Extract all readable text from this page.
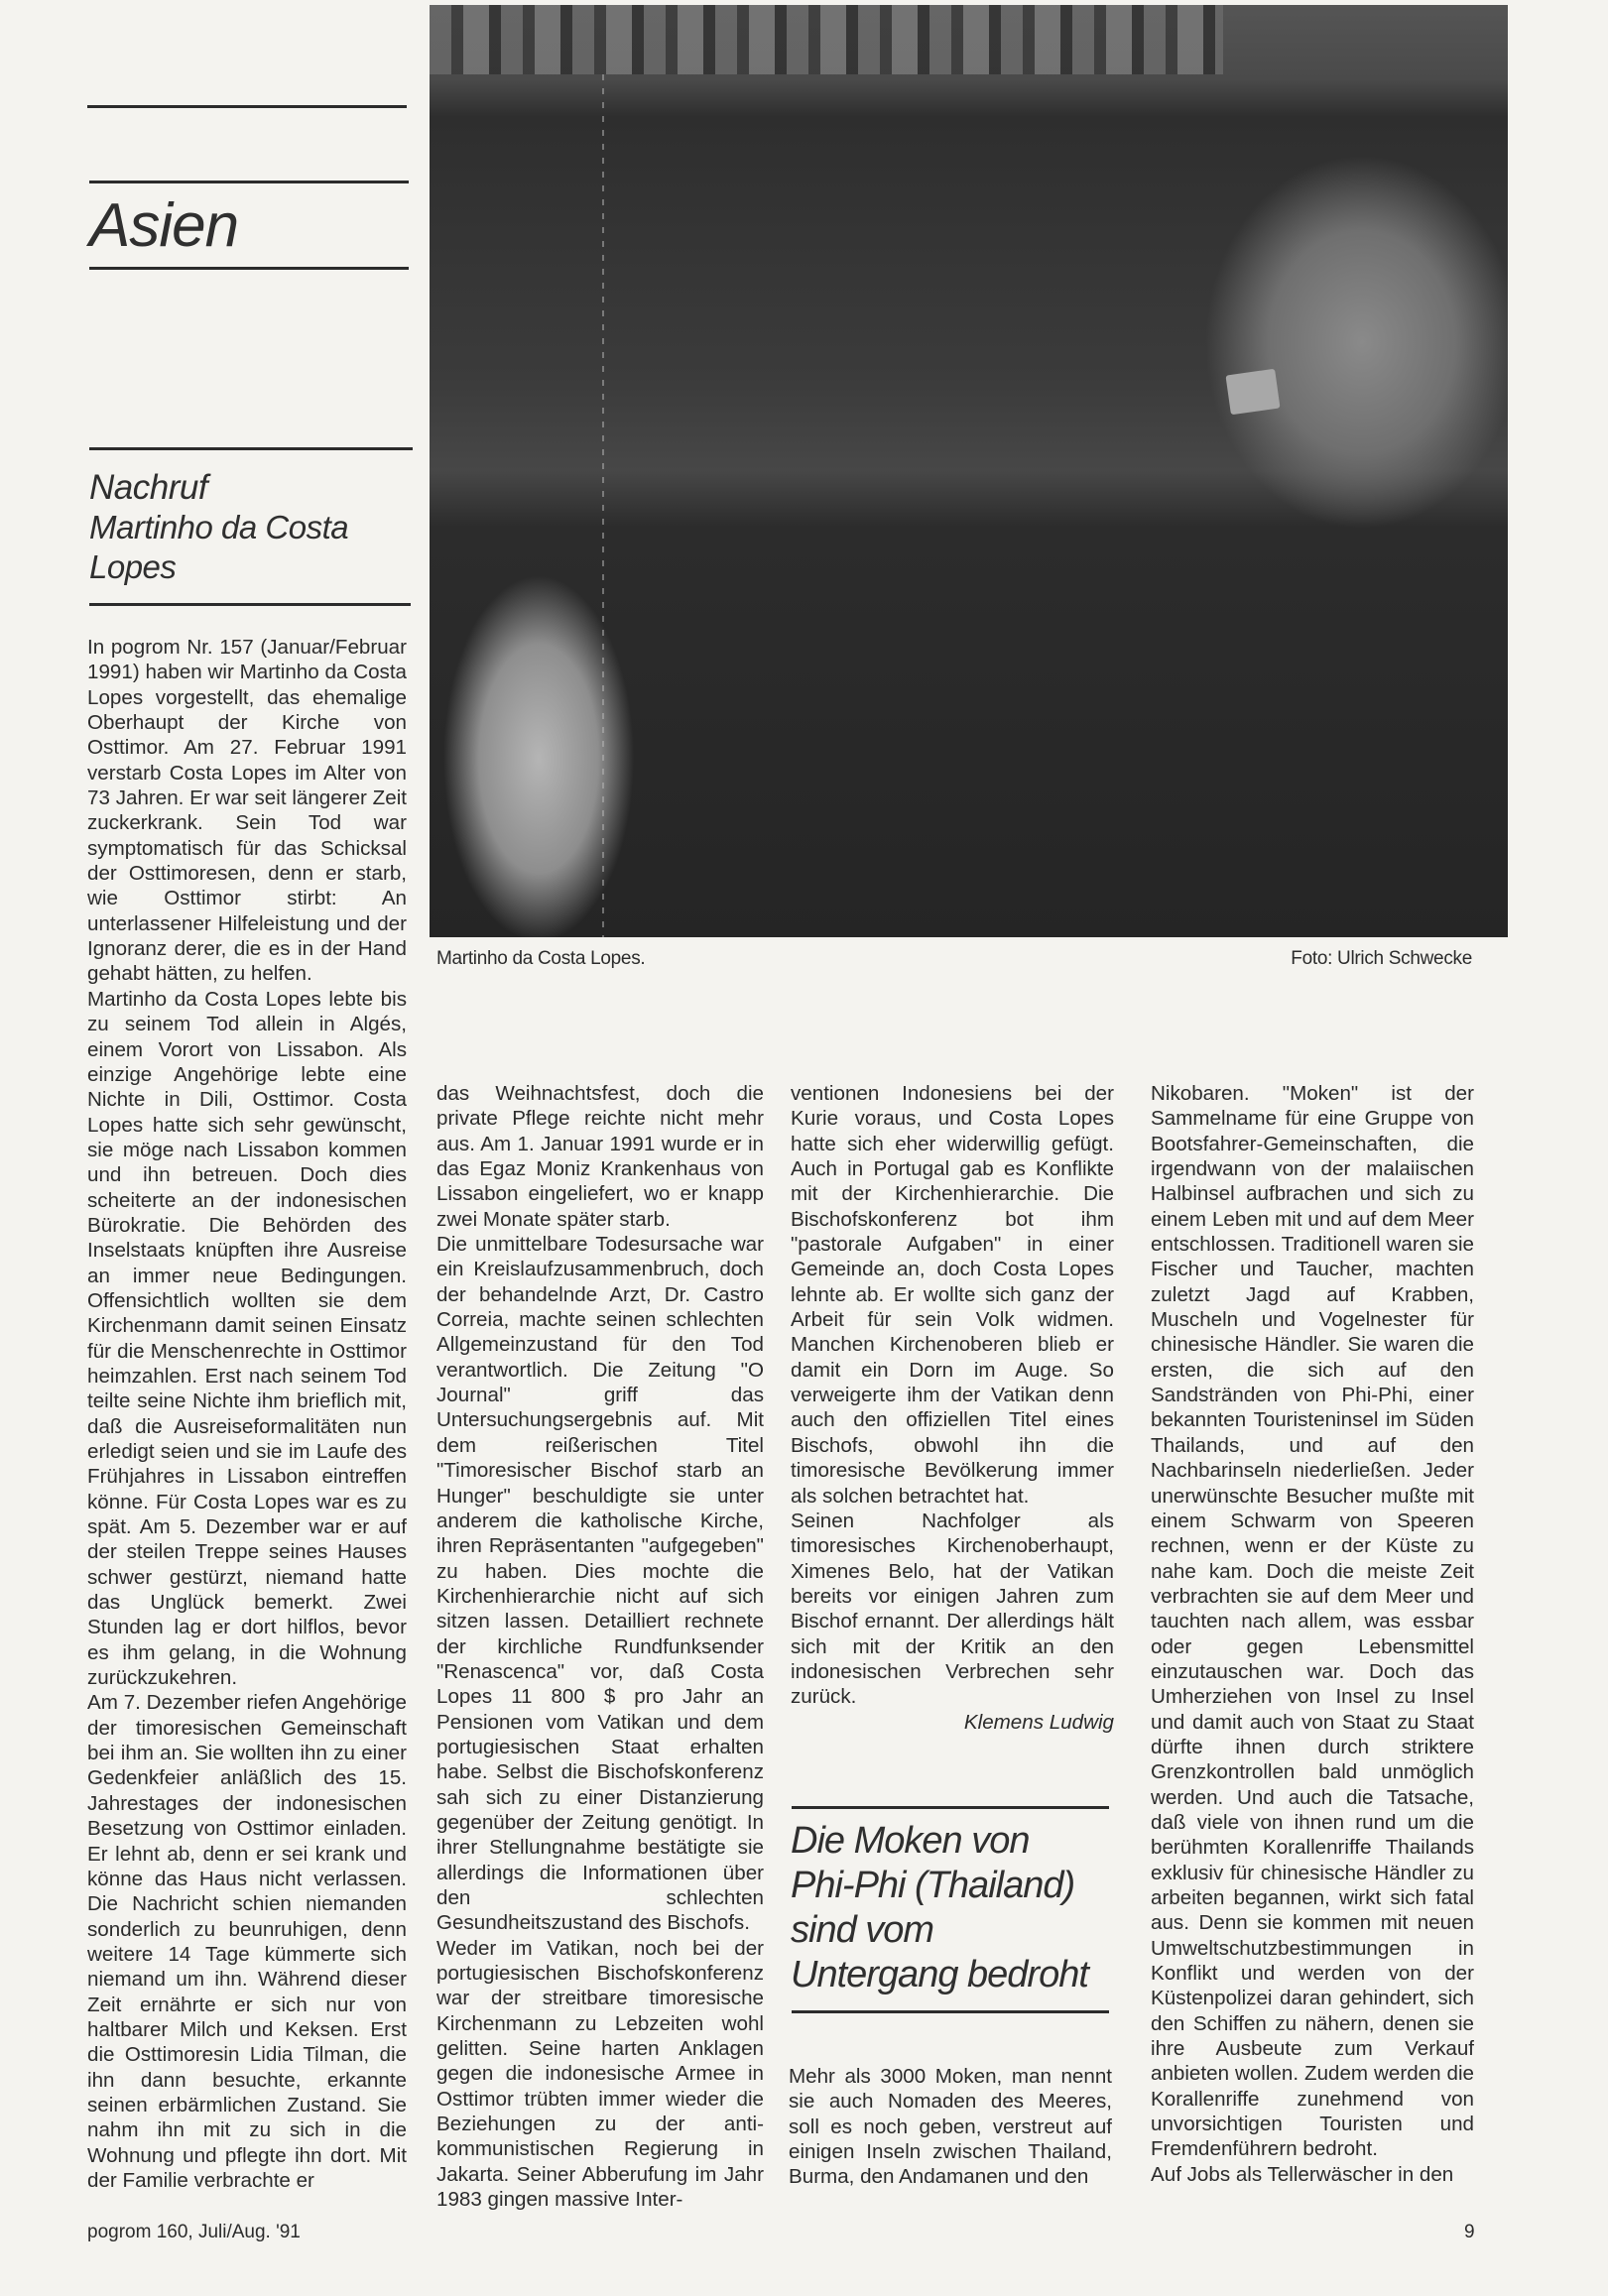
Asien
Nachruf
Martinho da Costa
Lopes

In pogrom Nr. 157 (Januar/Februar 1991) haben wir Martinho da Costa Lopes vorgestellt, das ehemalige Oberhaupt der Kirche von Osttimor. Am 27. Februar 1991 verstarb Costa Lopes im Alter von 73 Jahren. Er war seit längerer Zeit zuckerkrank. Sein Tod war symptomatisch für das Schicksal der Osttimoresen, denn er starb, wie Osttimor stirbt: An unterlassener Hilfeleistung und der Ignoranz derer, die es in der Hand gehabt hätten, zu helfen.

Martinho da Costa Lopes lebte bis zu seinem Tod allein in Algés, einem Vorort von Lissabon. Als einzige Angehörige lebte eine Nichte in Dili, Osttimor. Costa Lopes hatte sich sehr gewünscht, sie möge nach Lissabon kommen und ihn betreuen. Doch dies scheiterte an der indonesischen Bürokratie. Die Behörden des Inselstaats knüpften ihre Ausreise an immer neue Bedingungen. Offensichtlich wollten sie dem Kirchenmann damit seinen Einsatz für die Menschenrechte in Osttimor heimzahlen. Erst nach seinem Tod teilte seine Nichte ihm brieflich mit, daß die Ausreiseformalitäten nun erledigt seien und sie im Laufe des Frühjahres in Lissabon eintreffen könne. Für Costa Lopes war es zu spät. Am 5. Dezember war er auf der steilen Treppe seines Hauses schwer gestürzt, niemand hatte das Unglück bemerkt. Zwei Stunden lag er dort hilflos, bevor es ihm gelang, in die Wohnung zurückzukehren.

Am 7. Dezember riefen Angehörige der timoresischen Gemeinschaft bei ihm an. Sie wollten ihn zu einer Gedenkfeier anläßlich des 15. Jahrestages der indonesischen Besetzung von Osttimor einladen. Er lehnt ab, denn er sei krank und könne das Haus nicht verlassen. Die Nachricht schien niemanden sonderlich zu beunruhigen, denn weitere 14 Tage kümmerte sich niemand um ihn. Während dieser Zeit ernährte er sich nur von haltbarer Milch und Keksen. Erst die Osttimoresin Lidia Tilman, die ihn dann besuchte, erkannte seinen erbärmlichen Zustand. Sie nahm ihn mit zu sich in die Wohnung und pflegte ihn dort. Mit der Familie verbrachte er

Martinho da Costa Lopes.	Foto: Ulrich Schwecke

das Weihnachtsfest, doch die private Pflege reichte nicht mehr aus. Am 1. Januar 1991 wurde er in das Egaz Moniz Krankenhaus von Lissabon eingeliefert, wo er knapp zwei Monate später starb.

Die unmittelbare Todesursache war ein Kreislaufzusammenbruch, doch der behandelnde Arzt, Dr. Castro Correia, machte seinen schlechten Allgemeinzustand für den Tod verantwortlich. Die Zeitung "O Journal" griff das Untersuchungsergebnis auf. Mit dem reißerischen Titel "Timoresischer Bischof starb an Hunger" beschuldigte sie unter anderem die katholische Kirche, ihren Repräsentanten "aufgegeben" zu haben. Dies mochte die Kirchenhierarchie nicht auf sich sitzen lassen. Detailliert rechnete der kirchliche Rundfunksender "Renascenca" vor, daß Costa Lopes 11 800 $ pro Jahr an Pensionen vom Vatikan und dem portugiesischen Staat erhalten habe. Selbst die Bischofskonferenz sah sich zu einer Distanzierung gegenüber der Zeitung genötigt. In ihrer Stellungnahme bestätigte sie allerdings die Informationen über den schlechten Gesundheitszustand des Bischofs.

Weder im Vatikan, noch bei der portugiesischen Bischofskonferenz war der streitbare timoresische Kirchenmann zu Lebzeiten wohl gelitten. Seine harten Anklagen gegen die indonesische Armee in Osttimor trübten immer wieder die Beziehungen zu der anti-kommunistischen Regierung in Jakarta. Seiner Abberufung im Jahr 1983 gingen massive Inter-

ventionen Indonesiens bei der Kurie voraus, und Costa Lopes hatte sich eher widerwillig gefügt. Auch in Portugal gab es Konflikte mit der Kirchenhierarchie. Die Bischofskonferenz bot ihm "pastorale Aufgaben" in einer Gemeinde an, doch Costa Lopes lehnte ab. Er wollte sich ganz der Arbeit für sein Volk widmen. Manchen Kirchenoberen blieb er damit ein Dorn im Auge. So verweigerte ihm der Vatikan denn auch den offiziellen Titel eines Bischofs, obwohl ihn die timoresische Bevölkerung immer als solchen betrachtet hat.

Seinen Nachfolger als timoresisches Kirchenoberhaupt, Ximenes Belo, hat der Vatikan bereits vor einigen Jahren zum Bischof ernannt. Der allerdings hält sich mit der Kritik an den indonesischen Verbrechen sehr zurück.

Klemens Ludwig

Die Moken von
Phi-Phi (Thailand)
sind vom
Untergang bedroht

Mehr als 3000 Moken, man nennt sie auch Nomaden des Meeres, soll es noch geben, verstreut auf einigen Inseln zwischen Thailand, Burma, den Andamanen und den

Nikobaren. "Moken" ist der Sammelname für eine Gruppe von Bootsfahrer-Gemeinschaften, die irgendwann von der malaiischen Halbinsel aufbrachen und sich zu einem Leben mit und auf dem Meer entschlossen. Traditionell waren sie Fischer und Taucher, machten zuletzt Jagd auf Krabben, Muscheln und Vogelnester für chinesische Händler. Sie waren die ersten, die sich auf den Sandstränden von Phi-Phi, einer bekannten Touristeninsel im Süden Thailands, und auf den Nachbarinseln niederließen. Jeder unerwünschte Besucher mußte mit einem Schwarm von Speeren rechnen, wenn er der Küste zu nahe kam. Doch die meiste Zeit verbrachten sie auf dem Meer und tauchten nach allem, was essbar oder gegen Lebensmittel einzutauschen war. Doch das Umherziehen von Insel zu Insel und damit auch von Staat zu Staat dürfte ihnen durch striktere Grenzkontrollen bald unmöglich werden. Und auch die Tatsache, daß viele von ihnen rund um die berühmten Korallenriffe Thailands exklusiv für chinesische Händler zu arbeiten begannen, wirkt sich fatal aus. Denn sie kommen mit neuen Umweltschutzbestimmungen in Konflikt und werden von der Küstenpolizei daran gehindert, sich den Schiffen zu nähern, denen sie ihre Ausbeute zum Verkauf anbieten wollen. Zudem werden die Korallenriffe zunehmend von unvorsichtigen Touristen und Fremdenführern bedroht.

Auf Jobs als Tellerwäscher in den

pogrom 160, Juli/Aug. '91	9
